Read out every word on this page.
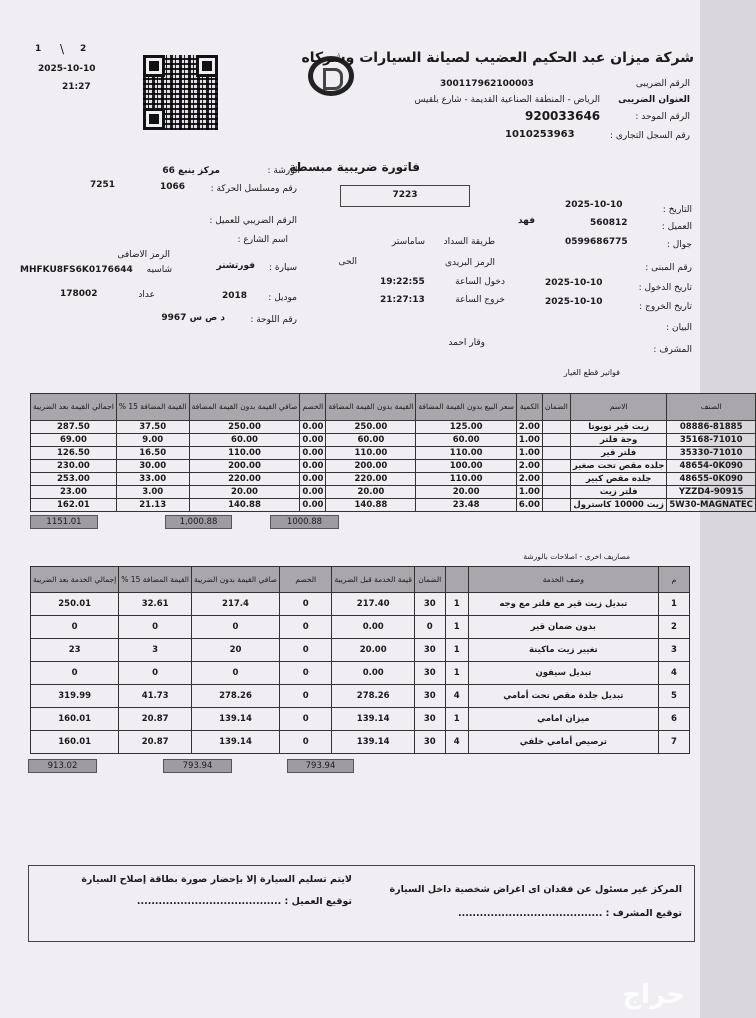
1 \ 2
2025-10-10
21:27
شركة ميزان عبد الحكيم العضيب لصيانة السيارات وشركاه
الرقم الضريبى
300117962100003
العنوان الضريبى
الرياض - المنطقة الصناعية القديمة - شارع بلقيس
الرقم الموحد :
920033646
رقم السجل التجارى :
1010253963
فاتورة ضريبية مبسطة
7223
الورشة :
مركز ينبع 66
رقم ومسلسل الحركة :
1066
7251
الرقم الضريبي للعميل :
اسم الشارع :
الرمز الاضافى
سيارة :
فورتشنر
شاسيه
MHFKU8FS6K0176644
موديل :
2018
عداد
178002
رقم اللوحة :
د ص س 9967
التاريخ :
2025-10-10
العميل :
560812
فهد
جوال :
0599686775
طريقة السداد
ساماستر
رقم المبنى :
الرمز البريدى
الحى
تاريخ الدخول :
2025-10-10
دخول الساعة
19:22:55
تاريخ الخروج :
2025-10-10
خروج الساعة
21:27:13
البيان :
المشرف :
وقار احمد
فواتير قطع الغيار
الصنف	الاسم	الضمان	الكمية	سعر البيع بدون القيمة المضافة	القيمة بدون القيمة المضافة	الخصم	صافي القيمة بدون القيمة المضافة	القيمة المضافة 15 %	اجمالي القيمة بعد الضريبة
08886-81885	زيت قير تويوتا		2.00	125.00	250.00	0.00	250.00	37.50	287.50
35168-71010	وجة فلتر		1.00	60.00	60.00	0.00	60.00	9.00	69.00
35330-71010	فلتر قير		1.00	110.00	110.00	0.00	110.00	16.50	126.50
48654-0K090	جلده مقص تحت صغير		2.00	100.00	200.00	0.00	200.00	30.00	230.00
48655-0K090	جلده مقص كبير		2.00	110.00	220.00	0.00	220.00	33.00	253.00
90915-YZZD4	فلتر زيت		1.00	20.00	20.00	0.00	20.00	3.00	23.00
5W30-MAGNATEC	زيت 10000 كاسترول		6.00	23.48	140.88	0.00	140.88	21.13	162.01
1151.01	1,000.88	1000.88
مصاريف اخرى - اصلاحات بالورشة
م	وصف الخدمة		الضمان	قيمة الخدمة قبل الضريبة	الخصم	صافي القيمة بدون الضريبة	القيمة المضافة 15 %	إجمالي الخدمة بعد الضريبة
1	تبديل زيت قير مع فلتر مع وجه	1	30	217.40	0	217.4	32.61	250.01
2	بدون ضمان قير	1	0	0.00	0	0	0	0
3	تغيير زيت ماكينة	1	30	20.00	0	20	3	23
4	تبديل سيفون	1	30	0.00	0	0	0	0
5	تبديل جلدة مقص تحت أمامي	4	30	278.26	0	278.26	41.73	319.99
6	ميزان امامي	1	30	139.14	0	139.14	20.87	160.01
7	ترصيص أمامي خلفي	4	30	139.14	0	139.14	20.87	160.01
913.02	793.94	793.94
المركز غير مسئول عن فقدان اى اغراض شخصية داخل السيارة
لايتم تسليم السيارة إلا بإحضار صورة بطاقة إصلاح السيارة
توقيع المشرف : ........................................
توقيع العميل : ........................................
حراج
